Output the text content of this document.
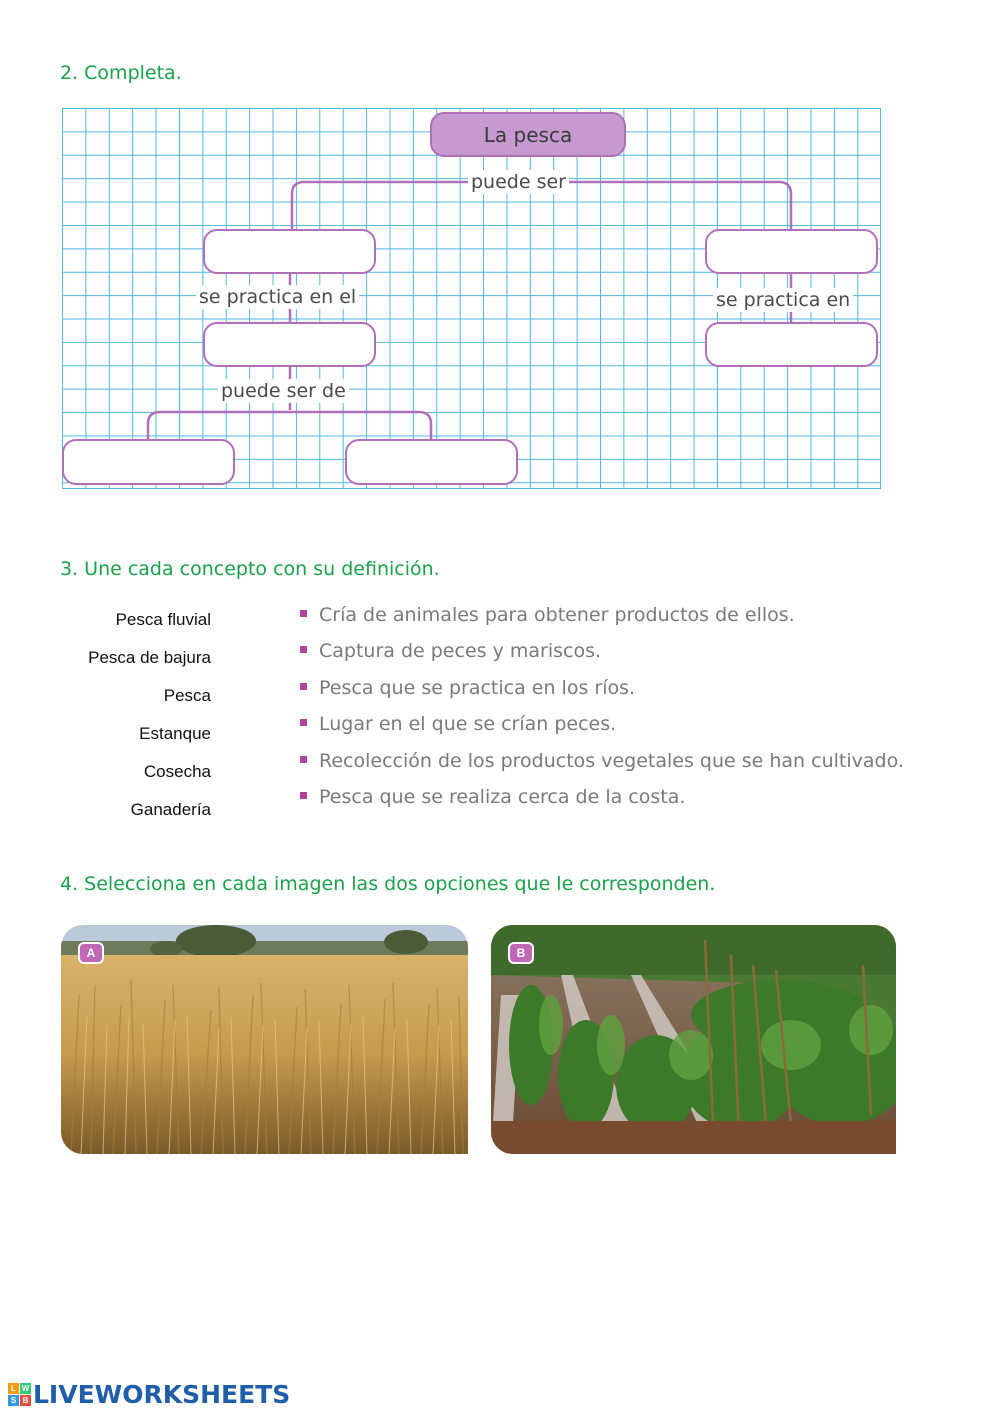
2. Completa.
La pesca
puede ser
se practica en el	se practica en
puede ser de
3. Une cada concepto con su definición.
Pesca fluvial
Pesca de bajura
Pesca
Estanque
Cosecha
Ganadería
Cría de animales para obtener productos de ellos.
Captura de peces y mariscos.
Pesca que se practica en los ríos.
Lugar en el que se crían peces.
Recolección de los productos vegetales que se han cultivado.
Pesca que se realiza cerca de la costa.
4. Selecciona en cada imagen las dos opciones que le corresponden.
A	B
L W
S B LIVEWORKSHEETS
